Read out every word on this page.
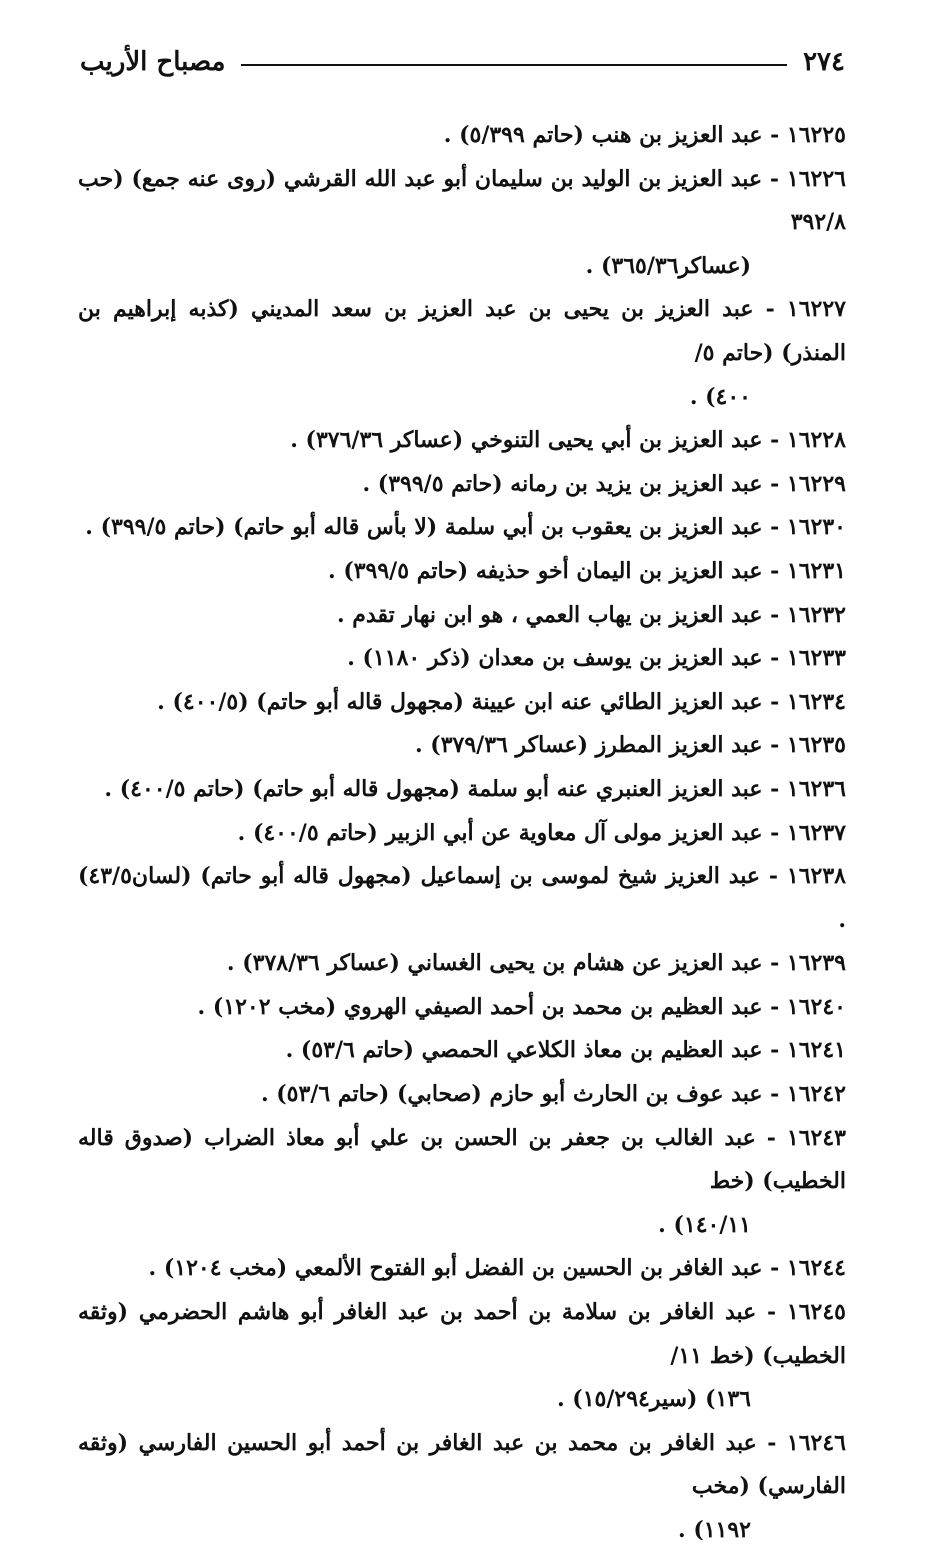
٢٧٤
مصباح الأريب
١٦٢٢٥ - عبد العزيز بن هنب (حاتم ٥/٣٩٩) .
١٦٢٢٦ - عبد العزيز بن الوليد بن سليمان أبو عبد الله القرشي (روى عنه جمع) (حب ٣٩٢/٨
(عساكر٣٦٥/٣٦) .
١٦٢٢٧ - عبد العزيز بن يحيى بن عبد العزيز بن سعد المديني (كذبه إبراهيم بن المنذر) (حاتم ٥/
٤٠٠) .
١٦٢٢٨ - عبد العزيز بن أبي يحيى التنوخي (عساكر ٣٧٦/٣٦) .
١٦٢٢٩ - عبد العزيز بن يزيد بن رمانه (حاتم ٣٩٩/٥) .
١٦٢٣٠ - عبد العزيز بن يعقوب بن أبي سلمة (لا بأس قاله أبو حاتم) (حاتم ٣٩٩/٥) .
١٦٢٣١ - عبد العزيز بن اليمان أخو حذيفه (حاتم ٣٩٩/٥) .
١٦٢٣٢ - عبد العزيز بن يهاب العمي ، هو ابن نهار تقدم .
١٦٢٣٣ - عبد العزيز بن يوسف بن معدان (ذكر ١١٨٠) .
١٦٢٣٤ - عبد العزيز الطائي عنه ابن عيينة (مجهول قاله أبو حاتم) (٤٠٠/٥) .
١٦٢٣٥ - عبد العزيز المطرز (عساكر ٣٧٩/٣٦) .
١٦٢٣٦ - عبد العزيز العنبري عنه أبو سلمة (مجهول قاله أبو حاتم) (حاتم ٤٠٠/٥) .
١٦٢٣٧ - عبد العزيز مولى آل معاوية عن أبي الزبير (حاتم ٤٠٠/٥) .
١٦٢٣٨ - عبد العزيز شيخ لموسى بن إسماعيل (مجهول قاله أبو حاتم) (لسان٤٣/٥) .
١٦٢٣٩ - عبد العزيز عن هشام بن يحيى الغساني (عساكر ٣٧٨/٣٦) .
١٦٢٤٠ - عبد العظيم بن محمد بن أحمد الصيفي الهروي (مخب ١٢٠٢) .
١٦٢٤١ - عبد العظيم بن معاذ الكلاعي الحمصي (حاتم ٥٣/٦) .
١٦٢٤٢ - عبد عوف بن الحارث أبو حازم (صحابي) (حاتم ٥٣/٦) .
١٦٢٤٣ - عبد الغالب بن جعفر بن الحسن بن علي أبو معاذ الضراب (صدوق قاله الخطيب) (خط
١٤٠/١١) .
١٦٢٤٤ - عبد الغافر بن الحسين بن الفضل أبو الفتوح الألمعي (مخب ١٢٠٤) .
١٦٢٤٥ - عبد الغافر بن سلامة بن أحمد بن عبد الغافر أبو هاشم الحضرمي (وثقه الخطيب) (خط ١١/
١٣٦) (سير١٥/٢٩٤) .
١٦٢٤٦ - عبد الغافر بن محمد بن عبد الغافر بن أحمد أبو الحسين الفارسي (وثقه الفارسي) (مخب
١١٩٢) .
